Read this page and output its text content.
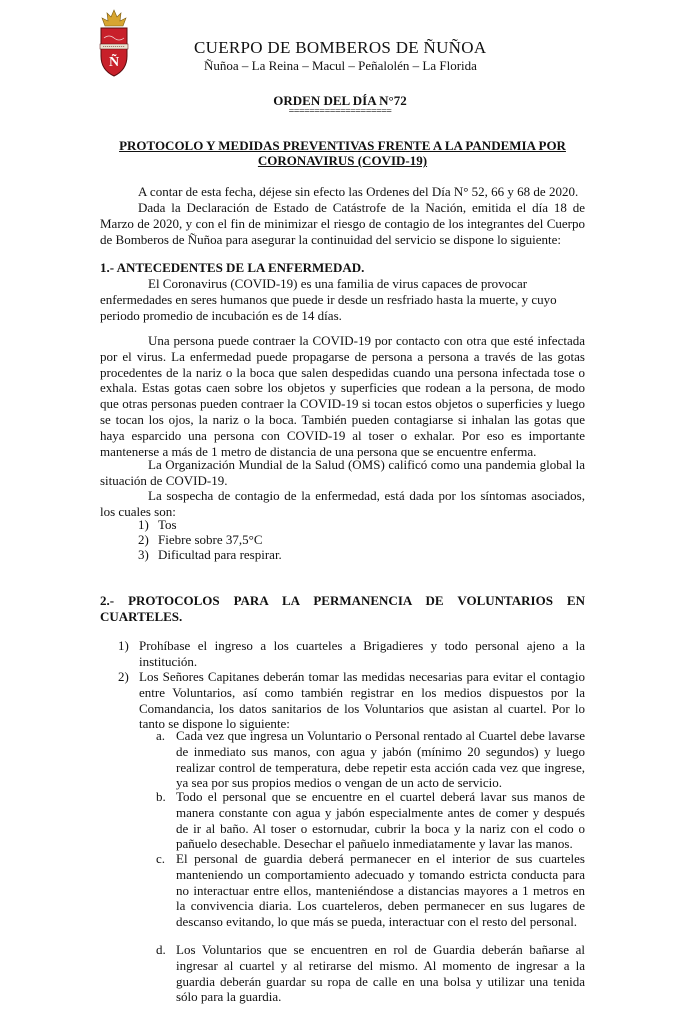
Ñ
CUERPO DE BOMBEROS DE ÑUÑOA
Ñuñoa – La Reina – Macul – Peñalolén – La Florida
ORDEN DEL DÍA N°72
====================
PROTOCOLO Y MEDIDAS PREVENTIVAS FRENTE A LA PANDEMIA POR CORONAVIRUS (COVID-19)
A contar de esta fecha, déjese sin efecto las Ordenes del Día N° 52, 66 y 68 de 2020.
Dada la Declaración de Estado de Catástrofe de la Nación, emitida el día 18 de Marzo de 2020, y con el fin de minimizar el riesgo de contagio de los integrantes del Cuerpo de Bomberos de Ñuñoa para asegurar la continuidad del servicio se dispone lo siguiente:
1.- ANTECEDENTES DE LA ENFERMEDAD.
El Coronavirus (COVID-19) es una familia de virus capaces de provocar enfermedades en seres humanos que puede ir desde un resfriado hasta la muerte, y cuyo periodo promedio de incubación es de 14 días.
Una persona puede contraer la COVID-19 por contacto con otra que esté infectada por el virus. La enfermedad puede propagarse de persona a persona a través de las gotas procedentes de la nariz o la boca que salen despedidas cuando una persona infectada tose o exhala. Estas gotas caen sobre los objetos y superficies que rodean a la persona, de modo que otras personas pueden contraer la COVID-19 si tocan estos objetos o superficies y luego se tocan los ojos, la nariz o la boca. También pueden contagiarse si inhalan las gotas que haya esparcido una persona con COVID-19 al toser o exhalar. Por eso es importante mantenerse a más de 1 metro de distancia de una persona que se encuentre enferma.
La Organización Mundial de la Salud (OMS) calificó como una pandemia global la situación de COVID-19.
La sospecha de contagio de la enfermedad, está dada por los síntomas asociados, los cuales son:
1) Tos
2) Fiebre sobre 37,5°C
3) Dificultad para respirar.
2.- PROTOCOLOS PARA LA PERMANENCIA DE VOLUNTARIOS EN CUARTELES.
1) Prohíbase el ingreso a los cuarteles a Brigadieres y todo personal ajeno a la institución.
2) Los Señores Capitanes deberán tomar las medidas necesarias para evitar el contagio entre Voluntarios, así como también registrar en los medios dispuestos por la Comandancia, los datos sanitarios de los Voluntarios que asistan al cuartel. Por lo tanto se dispone lo siguiente:
a. Cada vez que ingresa un Voluntario o Personal rentado al Cuartel debe lavarse de inmediato sus manos, con agua y jabón (mínimo 20 segundos) y luego realizar control de temperatura, debe repetir esta acción cada vez que ingrese, ya sea por sus propios medios o vengan de un acto de servicio.
b. Todo el personal que se encuentre en el cuartel deberá lavar sus manos de manera constante con agua y jabón especialmente antes de comer y después de ir al baño. Al toser o estornudar, cubrir la boca y la nariz con el codo o pañuelo desechable. Desechar el pañuelo inmediatamente y lavar las manos.
c. El personal de guardia deberá permanecer en el interior de sus cuarteles manteniendo un comportamiento adecuado y tomando estricta conducta para no interactuar entre ellos, manteniéndose a distancias mayores a 1 metros en la convivencia diaria. Los cuarteleros, deben permanecer en sus lugares de descanso evitando, lo que más se pueda, interactuar con el resto del personal.
d. Los Voluntarios que se encuentren en rol de Guardia deberán bañarse al ingresar al cuartel y al retirarse del mismo. Al momento de ingresar a la guardia deberán guardar su ropa de calle en una bolsa y utilizar una tenida sólo para la guardia.
